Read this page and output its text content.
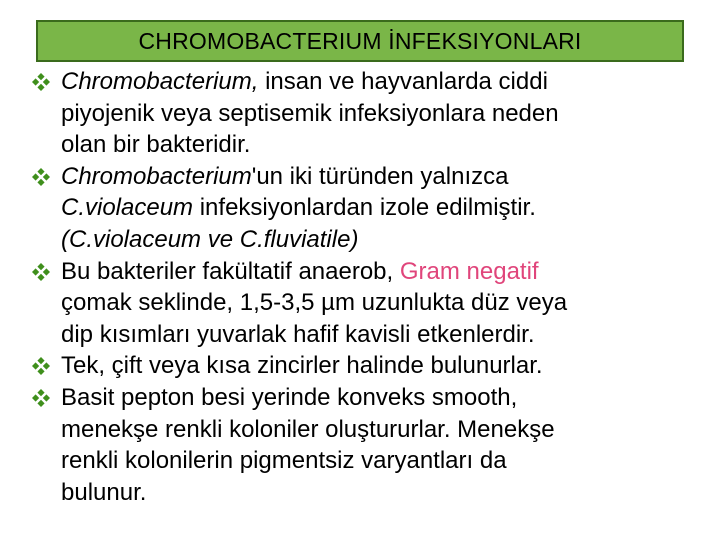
CHROMOBACTERIUM İNFEKSIYONLARI
Chromobacterium, insan ve hayvanlarda ciddi
piyojenik veya septisemik infeksiyonlara neden
olan bir bakteridir.
Chromobacterium'un iki türünden yalnızca
C.violaceum infeksiyonlardan izole edilmiştir.
(C.violaceum ve C.fluviatile)
Bu bakteriler fakültatif anaerob, Gram negatif
çomak seklinde, 1,5-3,5 µm uzunlukta düz veya
dip kısımları yuvarlak hafif kavisli etkenlerdir.
Tek, çift veya kısa zincirler halinde bulunurlar.
Basit pepton besi yerinde konveks smooth,
menekşe renkli koloniler oluştururlar. Menekşe
renkli kolonilerin pigmentsiz varyantları da
bulunur.
